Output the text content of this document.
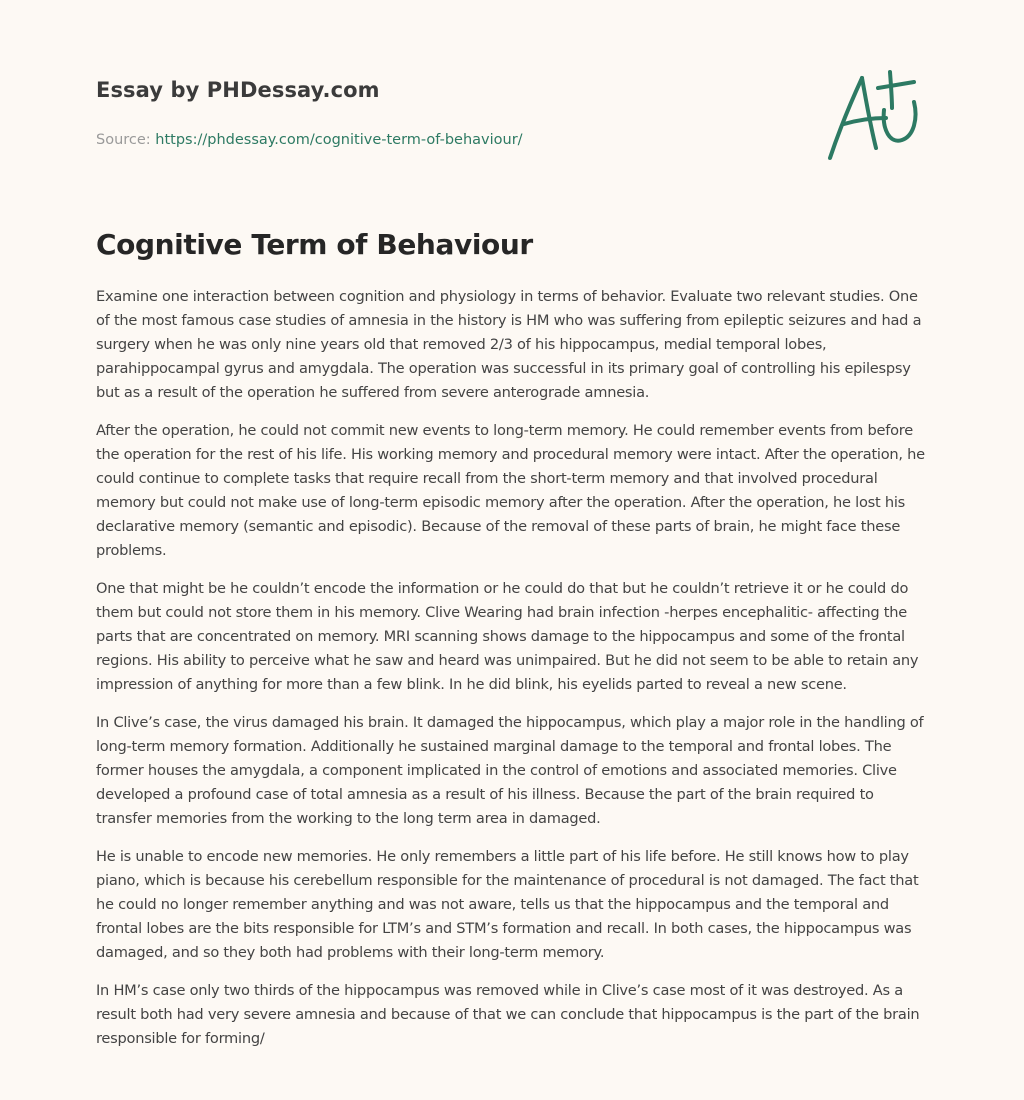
Essay by PHDessay.com
Source: https://phdessay.com/cognitive-term-of-behaviour/
Cognitive Term of Behaviour

Examine one interaction between cognition and physiology in terms of behavior. Evaluate two relevant studies. One of the most famous case studies of amnesia in the history is HM who was suffering from epileptic seizures and had a surgery when he was only nine years old that removed 2/3 of his hippocampus, medial temporal lobes, parahippocampal gyrus and amygdala. The operation was successful in its primary goal of controlling his epilespsy but as a result of the operation he suffered from severe anterograde amnesia.

After the operation, he could not commit new events to long-term memory. He could remember events from before the operation for the rest of his life. His working memory and procedural memory were intact. After the operation, he could continue to complete tasks that require recall from the short-term memory and that involved procedural memory but could not make use of long-term episodic memory after the operation. After the operation, he lost his declarative memory (semantic and episodic). Because of the removal of these parts of brain, he might face these problems.

One that might be he couldn’t encode the information or he could do that but he couldn’t retrieve it or he could do them but could not store them in his memory. Clive Wearing had brain infection -herpes encephalitic- affecting the parts that are concentrated on memory. MRI scanning shows damage to the hippocampus and some of the frontal regions. His ability to perceive what he saw and heard was unimpaired. But he did not seem to be able to retain any impression of anything for more than a few blink. In he did blink, his eyelids parted to reveal a new scene.

In Clive’s case, the virus damaged his brain. It damaged the hippocampus, which play a major role in the handling of long-term memory formation. Additionally he sustained marginal damage to the temporal and frontal lobes. The former houses the amygdala, a component implicated in the control of emotions and associated memories. Clive developed a profound case of total amnesia as a result of his illness. Because the part of the brain required to transfer memories from the working to the long term area in damaged.

He is unable to encode new memories. He only remembers a little part of his life before. He still knows how to play piano, which is because his cerebellum responsible for the maintenance of procedural is not damaged. The fact that he could no longer remember anything and was not aware, tells us that the hippocampus and the temporal and frontal lobes are the bits responsible for LTM’s and STM’s formation and recall. In both cases, the hippocampus was damaged, and so they both had problems with their long-term memory.

In HM’s case only two thirds of the hippocampus was removed while in Clive’s case most of it was destroyed. As a result both had very severe amnesia and because of that we can conclude that hippocampus is the part of the brain responsible for forming/
